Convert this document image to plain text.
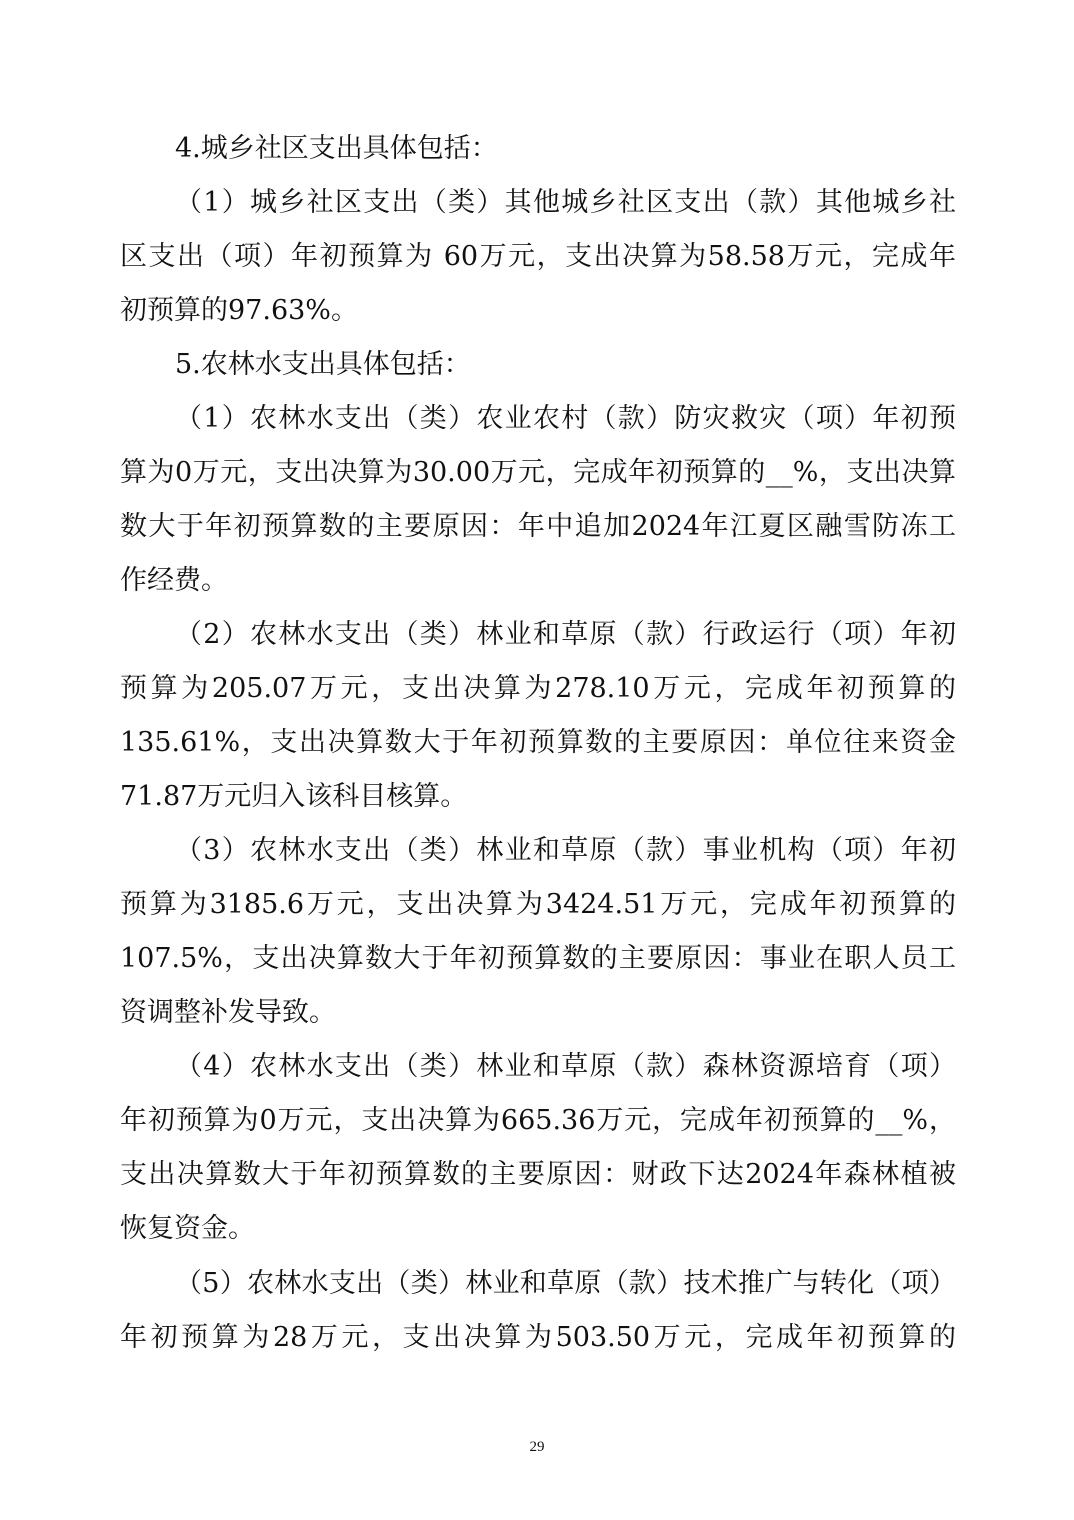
4.城乡社区支出具体包括：
（1）城乡社区支出（类）其他城乡社区支出（款）其他城乡社
区支出（项）年初预算为 60万元，支出决算为58.58万元，完成年
初预算的97.63%。
5.农林水支出具体包括：
（1）农林水支出（类）农业农村（款）防灾救灾（项）年初预
算为0万元，支出决算为30.00万元，完成年初预算的__%，支出决算
数大于年初预算数的主要原因：年中追加2024年江夏区融雪防冻工
作经费。
（2）农林水支出（类）林业和草原（款）行政运行（项）年初
预算为205.07万元，支出决算为278.10万元，完成年初预算的
135.61%，支出决算数大于年初预算数的主要原因：单位往来资金
71.87万元归入该科目核算。
（3）农林水支出（类）林业和草原（款）事业机构（项）年初
预算为3185.6万元，支出决算为3424.51万元，完成年初预算的
107.5%，支出决算数大于年初预算数的主要原因：事业在职人员工
资调整补发导致。
（4）农林水支出（类）林业和草原（款）森林资源培育（项）
年初预算为0万元，支出决算为665.36万元，完成年初预算的__%，
支出决算数大于年初预算数的主要原因：财政下达2024年森林植被
恢复资金。
（5）农林水支出（类）林业和草原（款）技术推广与转化（项）
年初预算为28万元，支出决算为503.50万元，完成年初预算的
29
